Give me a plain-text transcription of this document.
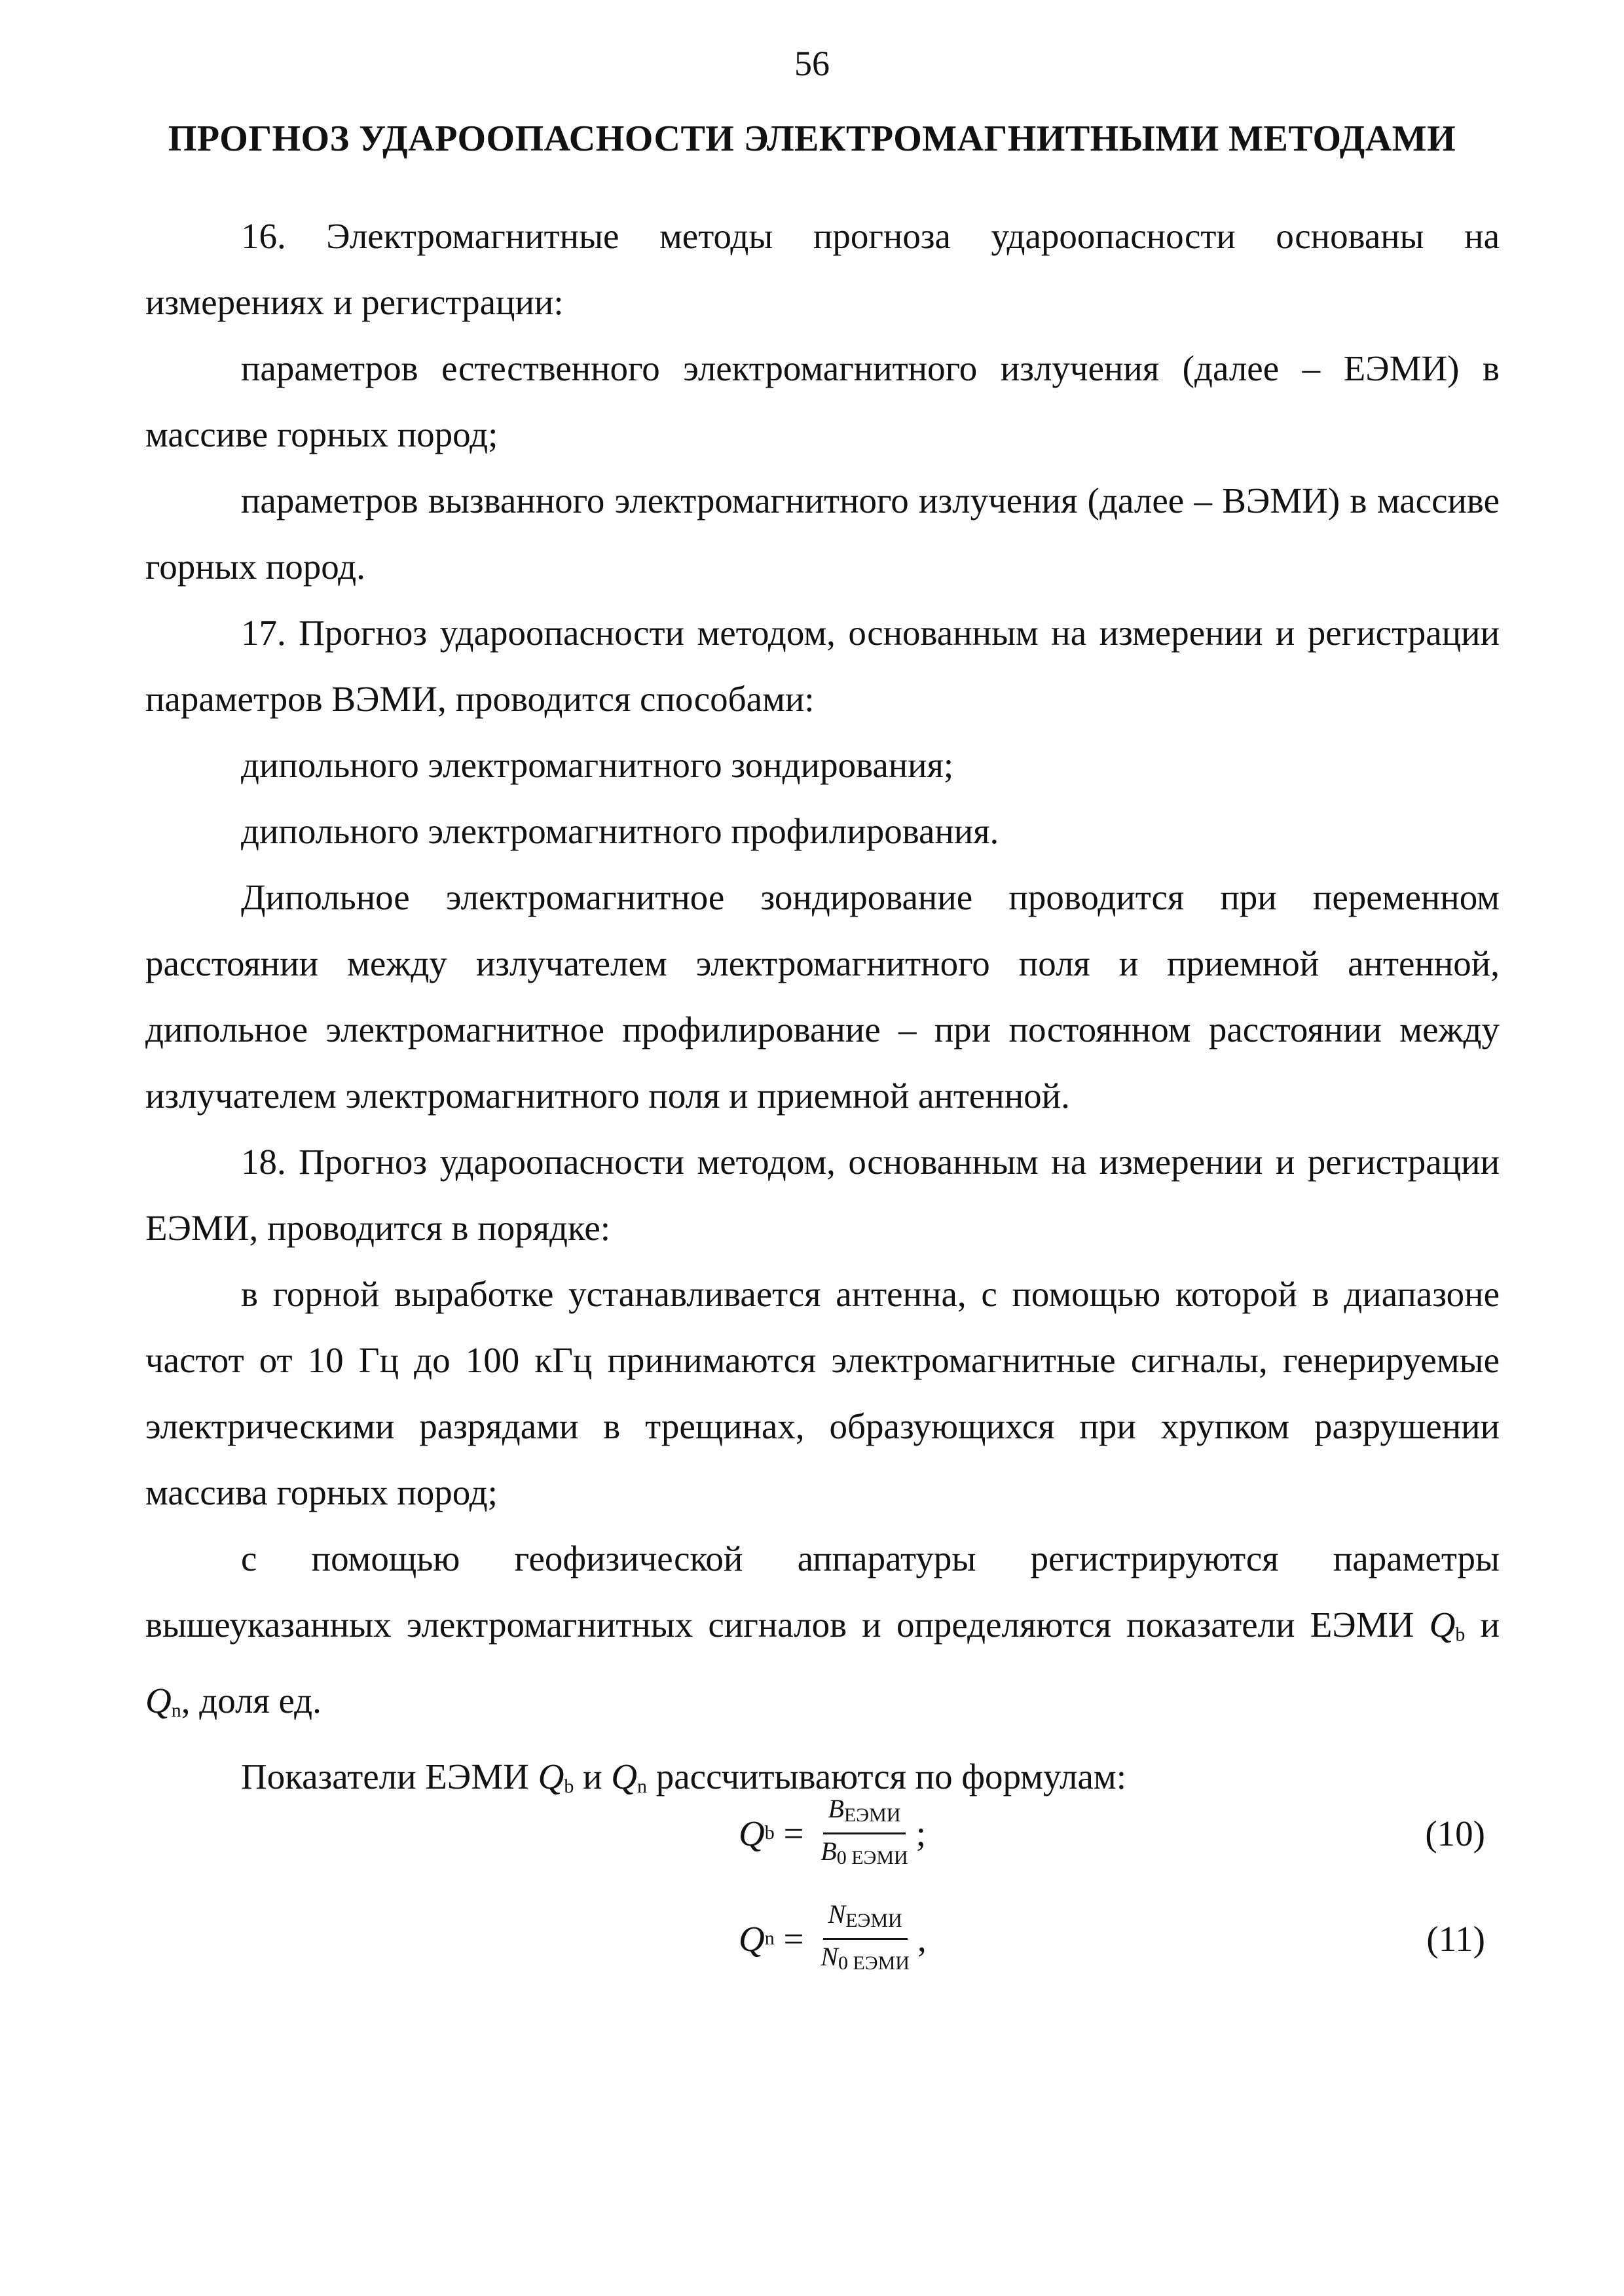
56
ПРОГНОЗ УДАРООПАСНОСТИ ЭЛЕКТРОМАГНИТНЫМИ МЕТОДАМИ

16. Электромагнитные методы прогноза удароопасности основаны на измерениях и регистрации:

параметров естественного электромагнитного излучения (далее – ЕЭМИ) в массиве горных пород;

параметров вызванного электромагнитного излучения (далее – ВЭМИ) в массиве горных пород.

17. Прогноз удароопасности методом, основанным на измерении и регистрации параметров ВЭМИ, проводится способами:

дипольного электромагнитного зондирования;

дипольного электромагнитного профилирования.

Дипольное электромагнитное зондирование проводится при переменном расстоянии между излучателем электромагнитного поля и приемной антенной, дипольное электромагнитное профилирование – при постоянном расстоянии между излучателем электромагнитного поля и приемной антенной.

18. Прогноз удароопасности методом, основанным на измерении и регистрации ЕЭМИ, проводится в порядке:

в горной выработке устанавливается антенна, с помощью которой в диапазоне частот от 10 Гц до 100 кГц принимаются электромагнитные сигналы, генерируемые электрическими разрядами в трещинах, образующихся при хрупком разрушении массива горных пород;

с помощью геофизической аппаратуры регистрируются параметры вышеуказанных электромагнитных сигналов и определяются показатели ЕЭМИ $Q_b$ и $Q_n$, доля ед.

Показатели ЕЭМИ $Q_b$ и $Q_n$ рассчитываются по формулам:

Q $b = \frac{B_{ЕЭМИ}}{B_{0 ЕЭМИ}}$ ;	(10)
Q $n = \frac{N_{ЕЭМИ}}{N_{0 ЕЭМИ}}$ ,	(11)
